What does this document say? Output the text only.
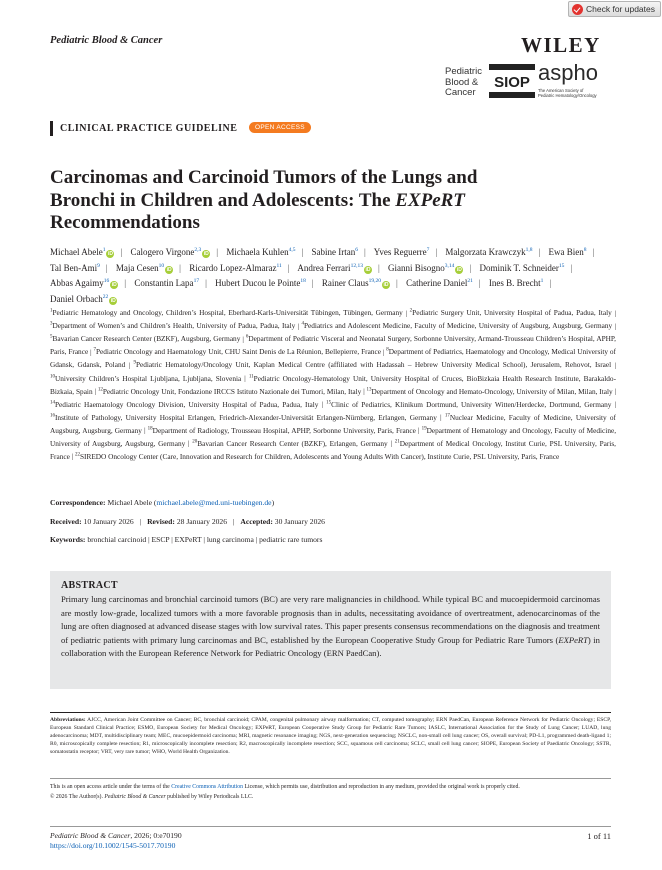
Check for updates
Pediatric Blood & Cancer	WILEY
Pediatric
Blood &
Cancer
SIOP aspho
The American Society of
Pediatric Hematology/Oncology
CLINICAL PRACTICE GUIDELINE	OPEN ACCESS
Carcinomas and Carcinoid Tumors of the Lungs and
Bronchi in Children and Adolescents: The EXPeRT
Recommendations
Michael Abele$^1$iD | Calogero Virgone$^{2,3}$iD | Michaela Kuhlen$^{4,5}$ | Sabine Irtan$^6$ | Yves Reguerre$^7$ | Malgorzata Krawczyk$^{1,8}$ | Ewa Bien$^8$ | Tal Ben-Ami$^9$ | Maja Cesen$^{10}$iD | Ricardo Lopez-Almaraz$^{11}$ | Andrea Ferrari$^{12,13}$iD | Gianni Bisogno$^{3,14}$iD | Dominik T. Schneider$^{15}$ | Abbas Agaimy$^{16}$iD | Constantin Lapa$^{17}$ | Hubert Ducou le Pointe$^{18}$ | Rainer Claus$^{19,20}$iD | Catherine Daniel$^{21}$ | Ines B. Brecht$^1$ | Daniel Orbach$^{22}$iD
$^1$Pediatric Hematology and Oncology, Children’s Hospital, Eberhard-Karls-Universität Tübingen, Tübingen, Germany | $^2$Pediatric Surgery Unit, University Hospital of Padua, Padua, Italy | $^3$Department of Women’s and Children’s Health, University of Padua, Padua, Italy | $^4$Pediatrics and Adolescent Medicine, Faculty of Medicine, University of Augsburg, Augsburg, Germany | $^5$Bavarian Cancer Research Center (BZKF), Augsburg, Germany | $^6$Department of Pediatric Visceral and Neonatal Surgery, Sorbonne University, Armand-Trousseau Children’s Hospital, APHP, Paris, France | $^7$Pediatric Oncology and Haematology Unit, CHU Saint Denis de La Réunion, Bellepierre, France | $^8$Department of Pediatrics, Haematology and Oncology, Medical University of Gdansk, Gdansk, Poland | $^9$Pediatric Hematology/Oncology Unit, Kaplan Medical Centre (affiliated with Hadassah – Hebrew University Medical School), Jerusalem, Rehovot, Israel | $^{10}$University Children’s Hospital Ljubljana, Ljubljana, Slovenia | $^{11}$Pediatric Oncology-Hematology Unit, University Hospital of Cruces, BioBizkaia Health Research Institute, Barakaldo-Bizkaia, Spain | $^{12}$Pediatric Oncology Unit, Fondazione IRCCS Istituto Nazionale dei Tumori, Milan, Italy | $^{13}$Department of Oncology and Hemato-Oncology, University of Milan, Milan, Italy | $^{14}$Pediatric Haematology Oncology Division, University Hospital of Padua, Padua, Italy | $^{15}$Clinic of Pediatrics, Klinikum Dortmund, University Witten/Herdecke, Dortmund, Germany | $^{16}$Institute of Pathology, University Hospital Erlangen, Friedrich-Alexander-Universität Erlangen-Nürnberg, Erlangen, Germany | $^{17}$Nuclear Medicine, Faculty of Medicine, University of Augsburg, Augsburg, Germany | $^{18}$Department of Radiology, Trousseau Hospital, APHP, Sorbonne University, Paris, France | $^{19}$Department of Hematology and Oncology, Faculty of Medicine, University of Augsburg, Augsburg, Germany | $^{20}$Bavarian Cancer Research Center (BZKF), Erlangen, Germany | $^{21}$Department of Medical Oncology, Institut Curie, PSL University, Paris, France | $^{22}$SIREDO Oncology Center (Care, Innovation and Research for Children, Adolescents and Young Adults With Cancer), Institute Curie, PSL University, Paris, France
Correspondence: Michael Abele (michael.abele@med.uni-tuebingen.de)
Received: 10 January 2026 | Revised: 28 January 2026 | Accepted: 30 January 2026
Keywords: bronchial carcinoid | ESCP | EXPeRT | lung carcinoma | pediatric rare tumors
ABSTRACT

Primary lung carcinomas and bronchial carcinoid tumors (BC) are very rare malignancies in childhood. While typical BC and mucoepidermoid carcinomas are mostly low-grade, localized tumors with a more favorable prognosis than in adults, necessitating avoidance of overtreatment, adenocarcinomas of the lung are often diagnosed at advanced disease stages with low survival rates. This paper presents consensus recommendations on the diagnosis and treatment of pediatric patients with primary lung carcinomas and BC, established by the European Cooperative Study Group for Pediatric Rare Tumors (EXPeRT) in collaboration with the European Reference Network for Pediatric Oncology (ERN PaedCan).

Abbreviations: AJCC, American Joint Committee on Cancer; BC, bronchial carcinoid; CPAM, congenital pulmonary airway malformation; CT, computed tomography; ERN PaedCan, European Reference Network for Pediatric Oncology; ESCP, European Standard Clinical Practice; ESMO, European Society for Medical Oncology; EXPeRT, European Cooperative Study Group for Pediatric Rare Tumors; IASLC, International Association for the Study of Lung Cancer; LUAD, lung adenocarcinoma; MDT, multidisciplinary team; MEC, mucoepidermoid carcinoma; MRI, magnetic resonance imaging; NGS, next-generation sequencing; NSCLC, non-small cell lung cancer; OS, overall survival; PD-L1, programmed death-ligand 1; R0, microscopically complete resection; R1, microscopically incomplete resection; R2, macroscopically incomplete resection; SCC, squamous cell carcinoma; SCLC, small cell lung cancer; SIOPE, European Society of Paediatric Oncology; SSTR, somatostatin receptor; VRT, very rare tumor; WHO, World Health Organization.
This is an open access article under the terms of the Creative Commons Attribution License, which permits use, distribution and reproduction in any medium, provided the original work is properly cited.
© 2026 The Author(s). Pediatric Blood & Cancer published by Wiley Periodicals LLC.
Pediatric Blood & Cancer, 2026; 0:e70190
https://doi.org/10.1002/1545-5017.70190
1 of 11
